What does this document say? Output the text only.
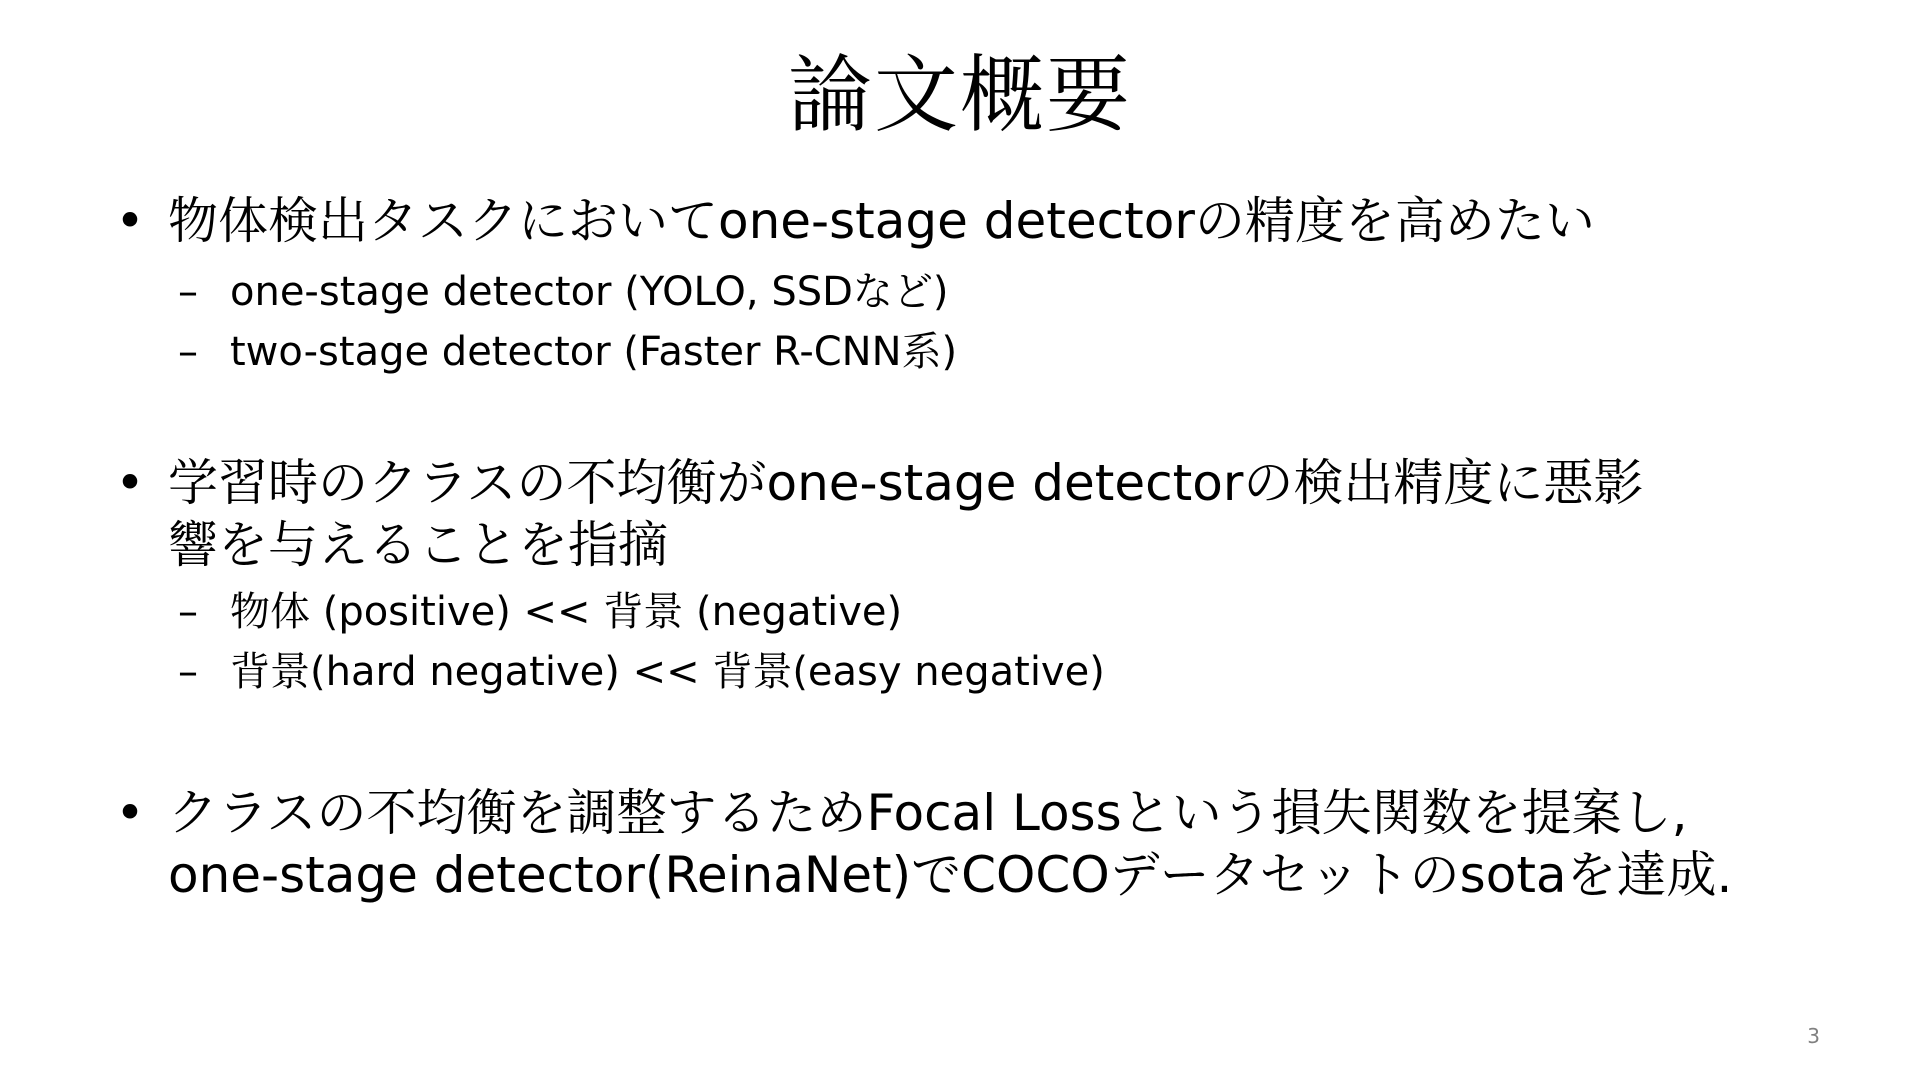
論文概要
• 物体検出タスクにおいてone-stage detectorの精度を高めたい
– one-stage detector (YOLO, SSDなど)
– two-stage detector (Faster R-CNN系)
• 学習時のクラスの不均衡がone-stage detectorの検出精度に悪影
響を与えることを指摘
– 物体 (positive) << 背景 (negative)
– 背景(hard negative) << 背景(easy negative)
• クラスの不均衡を調整するためFocal Lossという損失関数を提案し,
one-stage detector(ReinaNet)でCOCOデータセットのsotaを達成.
3
